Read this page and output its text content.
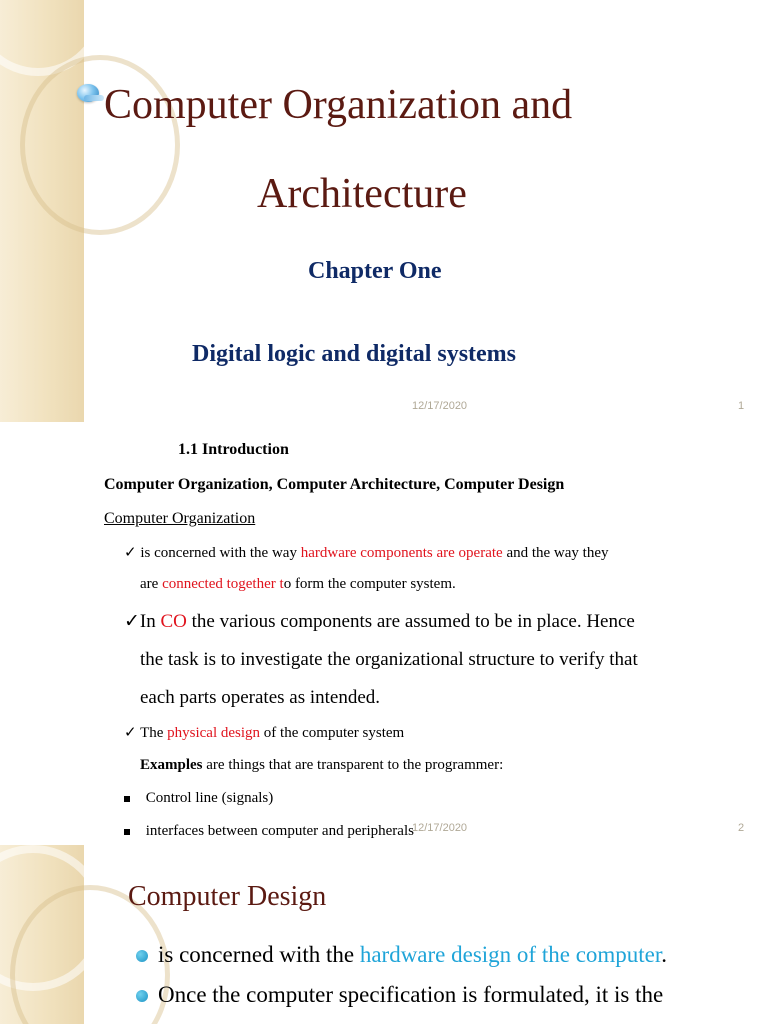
Computer Organization and
Architecture
Chapter One
Digital logic and digital systems
12/17/2020	1
1.1 Introduction
Computer Organization, Computer Architecture, Computer Design
Computer Organization
✓ is concerned with the way hardware components are operate and the way they
are connected together to form the computer system.
✓In CO the various components are assumed to be in place. Hence
the task is to investigate the organizational structure to verify that
each parts operates as intended.
✓ The physical design of the computer system
Examples are things that are transparent to the programmer:
Control line (signals)
interfaces between computer and peripherals
12/17/2020	2
Computer Design
is concerned with the hardware design of the computer.
Once the computer specification is formulated, it is the
